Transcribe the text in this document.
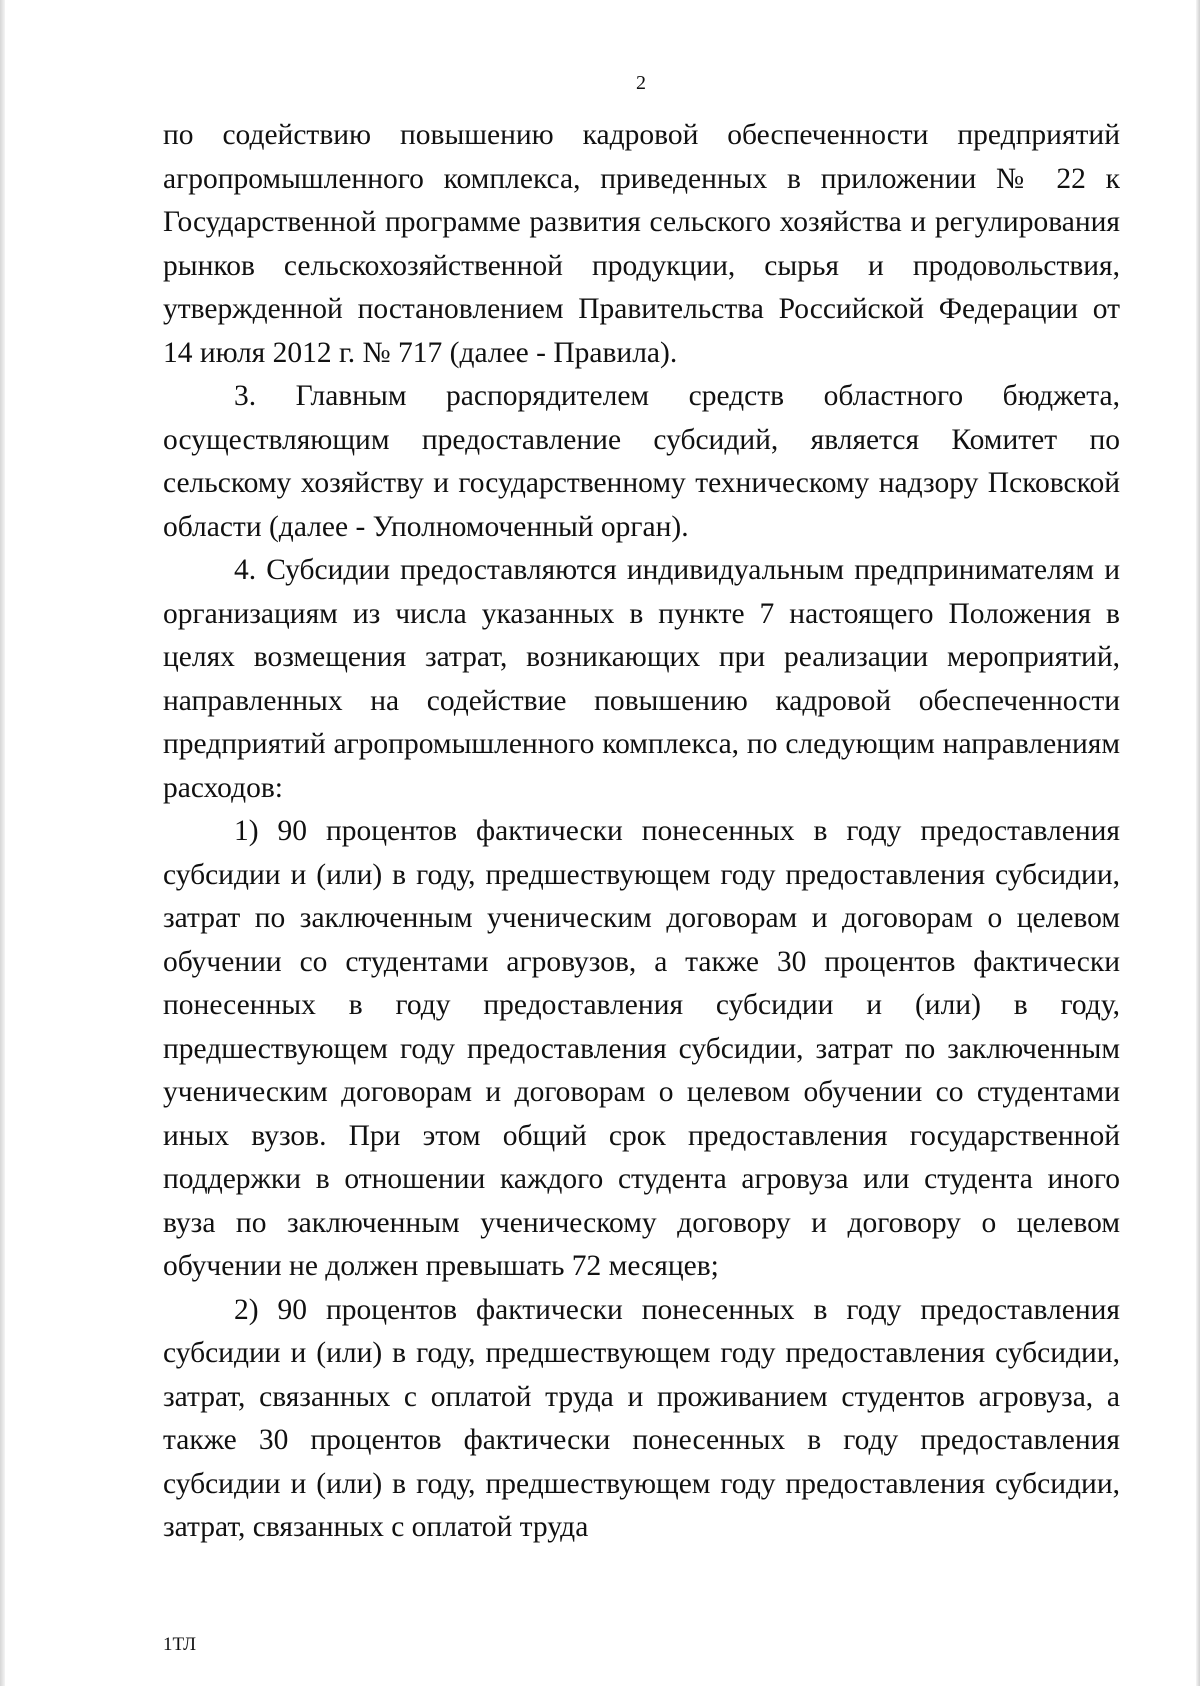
2

по содействию повышению кадровой обеспеченности предприятий агропромышленного комплекса, приведенных в приложении № 22 к Государственной программе развития сельского хозяйства и регулирования рынков сельскохозяйственной продукции, сырья и продовольствия, утвержденной постановлением Правительства Российской Федерации от 14 июля 2012 г. № 717 (далее - Правила).

3. Главным распорядителем средств областного бюджета, осуществляющим предоставление субсидий, является Комитет по сельскому хозяйству и государственному техническому надзору Псковской области (далее - Уполномоченный орган).

4. Субсидии предоставляются индивидуальным предпринимателям и организациям из числа указанных в пункте 7 настоящего Положения в целях возмещения затрат, возникающих при реализации мероприятий, направленных на содействие повышению кадровой обеспеченности предприятий агропромышленного комплекса, по следующим направлениям расходов:

1) 90 процентов фактически понесенных в году предоставления субсидии и (или) в году, предшествующем году предоставления субсидии, затрат по заключенным ученическим договорам и договорам о целевом обучении со студентами агровузов, а также 30 процентов фактически понесенных в году предоставления субсидии и (или) в году, предшествующем году предоставления субсидии, затрат по заключенным ученическим договорам и договорам о целевом обучении со студентами иных вузов. При этом общий срок предоставления государственной поддержки в отношении каждого студента агровуза или студента иного вуза по заключенным ученическому договору и договору о целевом обучении не должен превышать 72 месяцев;

2) 90 процентов фактически понесенных в году предоставления субсидии и (или) в году, предшествующем году предоставления субсидии, затрат, связанных с оплатой труда и проживанием студентов агровуза, а также 30 процентов фактически понесенных в году предоставления субсидии и (или) в году, предшествующем году предоставления субсидии, затрат, связанных с оплатой труда

1ТЛ
